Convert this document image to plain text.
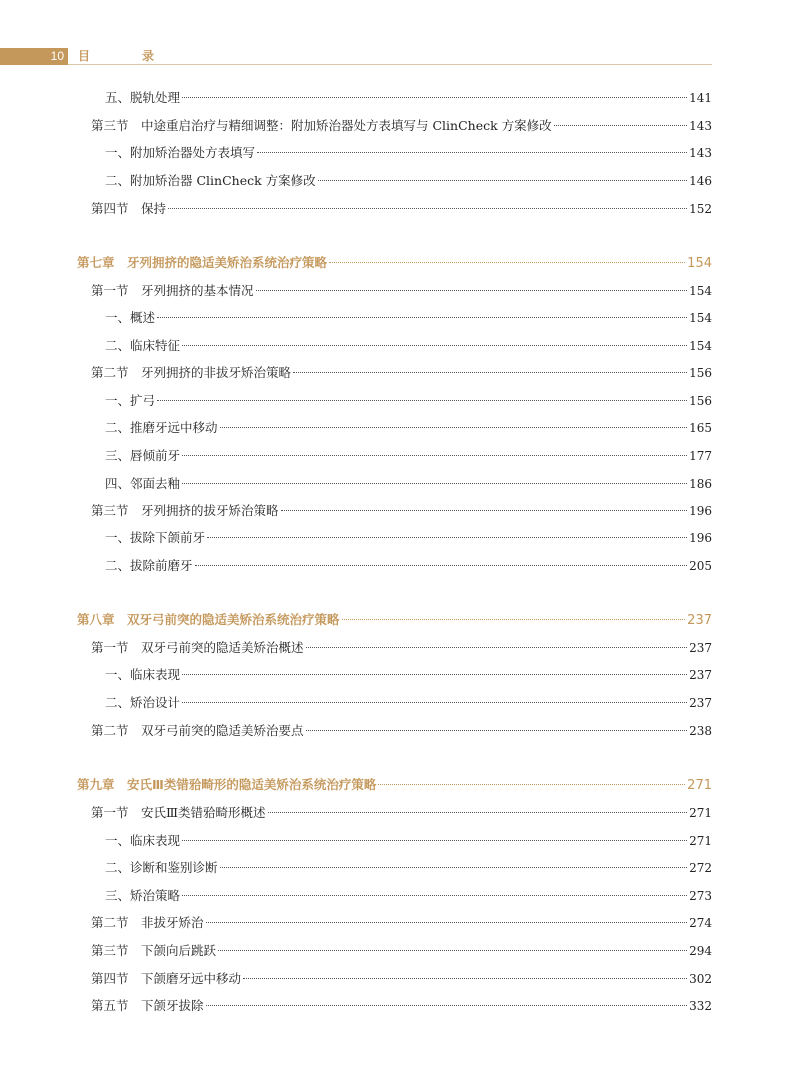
10	目　录
五、脱轨处理	141
第三节　中途重启治疗与精细调整：附加矫治器处方表填写与 ClinCheck 方案修改	143
一、附加矫治器处方表填写	143
二、附加矫治器 ClinCheck 方案修改	146
第四节　保持	152
第七章　牙列拥挤的隐适美矫治系统治疗策略	154
第一节　牙列拥挤的基本情况	154
一、概述	154
二、临床特征	154
第二节　牙列拥挤的非拔牙矫治策略	156
一、扩弓	156
二、推磨牙远中移动	165
三、唇倾前牙	177
四、邻面去釉	186
第三节　牙列拥挤的拔牙矫治策略	196
一、拔除下颌前牙	196
二、拔除前磨牙	205
第八章　双牙弓前突的隐适美矫治系统治疗策略	237
第一节　双牙弓前突的隐适美矫治概述	237
一、临床表现	237
二、矫治设计	237
第二节　双牙弓前突的隐适美矫治要点	238
第九章　安氏Ⅲ类错𬌗畸形的隐适美矫治系统治疗策略	271
第一节　安氏Ⅲ类错𬌗畸形概述	271
一、临床表现	271
二、诊断和鉴别诊断	272
三、矫治策略	273
第二节　非拔牙矫治	274
第三节　下颌向后跳跃	294
第四节　下颌磨牙远中移动	302
第五节　下颌牙拔除	332
